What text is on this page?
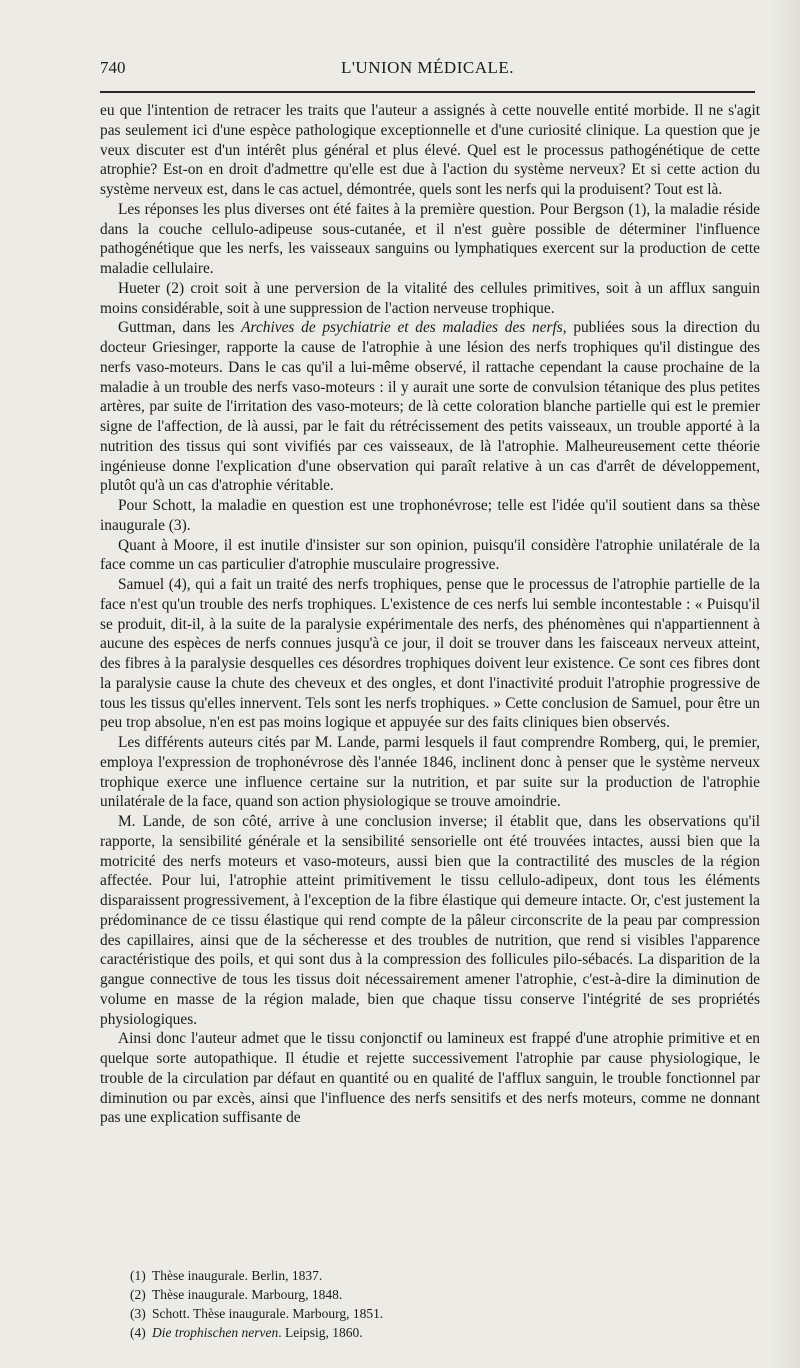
740	L'UNION MÉDICALE.

eu que l'intention de retracer les traits que l'auteur a assignés à cette nouvelle entité morbide. Il ne s'agit pas seulement ici d'une espèce pathologique exceptionnelle et d'une curiosité clinique. La question que je veux discuter est d'un intérêt plus général et plus élevé. Quel est le processus pathogénétique de cette atrophie? Est-on en droit d'admettre qu'elle est due à l'action du système nerveux? Et si cette action du système nerveux est, dans le cas actuel, démontrée, quels sont les nerfs qui la produisent? Tout est là.

Les réponses les plus diverses ont été faites à la première question. Pour Bergson (1), la maladie réside dans la couche cellulo-adipeuse sous-cutanée, et il n'est guère possible de déterminer l'influence pathogénétique que les nerfs, les vaisseaux sanguins ou lymphatiques exercent sur la production de cette maladie cellulaire.

Hueter (2) croit soit à une perversion de la vitalité des cellules primitives, soit à un afflux sanguin moins considérable, soit à une suppression de l'action nerveuse trophique.

Guttman, dans les Archives de psychiatrie et des maladies des nerfs, publiées sous la direction du docteur Griesinger, rapporte la cause de l'atrophie à une lésion des nerfs trophiques qu'il distingue des nerfs vaso-moteurs. Dans le cas qu'il a lui-même observé, il rattache cependant la cause prochaine de la maladie à un trouble des nerfs vaso-moteurs : il y aurait une sorte de convulsion tétanique des plus petites artères, par suite de l'irritation des vaso-moteurs; de là cette coloration blanche partielle qui est le premier signe de l'affection, de là aussi, par le fait du rétrécissement des petits vaisseaux, un trouble apporté à la nutrition des tissus qui sont vivifiés par ces vaisseaux, de là l'atrophie. Malheureusement cette théorie ingénieuse donne l'explication d'une observation qui paraît relative à un cas d'arrêt de développement, plutôt qu'à un cas d'atrophie véritable.

Pour Schott, la maladie en question est une trophonévrose; telle est l'idée qu'il soutient dans sa thèse inaugurale (3).

Quant à Moore, il est inutile d'insister sur son opinion, puisqu'il considère l'atrophie unilatérale de la face comme un cas particulier d'atrophie musculaire progressive.

Samuel (4), qui a fait un traité des nerfs trophiques, pense que le processus de l'atrophie partielle de la face n'est qu'un trouble des nerfs trophiques. L'existence de ces nerfs lui semble incontestable : « Puisqu'il se produit, dit-il, à la suite de la paralysie expérimentale des nerfs, des phénomènes qui n'appartiennent à aucune des espèces de nerfs connues jusqu'à ce jour, il doit se trouver dans les faisceaux nerveux atteint, des fibres à la paralysie desquelles ces désordres trophiques doivent leur existence. Ce sont ces fibres dont la paralysie cause la chute des cheveux et des ongles, et dont l'inactivité produit l'atrophie progressive de tous les tissus qu'elles innervent. Tels sont les nerfs trophiques. » Cette conclusion de Samuel, pour être un peu trop absolue, n'en est pas moins logique et appuyée sur des faits cliniques bien observés.

Les différents auteurs cités par M. Lande, parmi lesquels il faut comprendre Romberg, qui, le premier, employa l'expression de trophonévrose dès l'année 1846, inclinent donc à penser que le système nerveux trophique exerce une influence certaine sur la nutrition, et par suite sur la production de l'atrophie unilatérale de la face, quand son action physiologique se trouve amoindrie.

M. Lande, de son côté, arrive à une conclusion inverse; il établit que, dans les observations qu'il rapporte, la sensibilité générale et la sensibilité sensorielle ont été trouvées intactes, aussi bien que la motricité des nerfs moteurs et vaso-moteurs, aussi bien que la contractilité des muscles de la région affectée. Pour lui, l'atrophie atteint primitivement le tissu cellulo-adipeux, dont tous les éléments disparaissent progressivement, à l'exception de la fibre élastique qui demeure intacte. Or, c'est justement la prédominance de ce tissu élastique qui rend compte de la pâleur circonscrite de la peau par compression des capillaires, ainsi que de la sécheresse et des troubles de nutrition, que rend si visibles l'apparence caractéristique des poils, et qui sont dus à la compression des follicules pilo-sébacés. La disparition de la gangue connective de tous les tissus doit nécessairement amener l'atrophie, c'est-à-dire la diminution de volume en masse de la région malade, bien que chaque tissu conserve l'intégrité de ses propriétés physiologiques.

Ainsi donc l'auteur admet que le tissu conjonctif ou lamineux est frappé d'une atrophie primitive et en quelque sorte autopathique. Il étudie et rejette successivement l'atrophie par cause physiologique, le trouble de la circulation par défaut en quantité ou en qualité de l'afflux sanguin, le trouble fonctionnel par diminution ou par excès, ainsi que l'influence des nerfs sensitifs et des nerfs moteurs, comme ne donnant pas une explication suffisante de

(1) Thèse inaugurale. Berlin, 1837.

(2) Thèse inaugurale. Marbourg, 1848.

(3) Schott. Thèse inaugurale. Marbourg, 1851.

(4) Die trophischen nerven. Leipsig, 1860.
